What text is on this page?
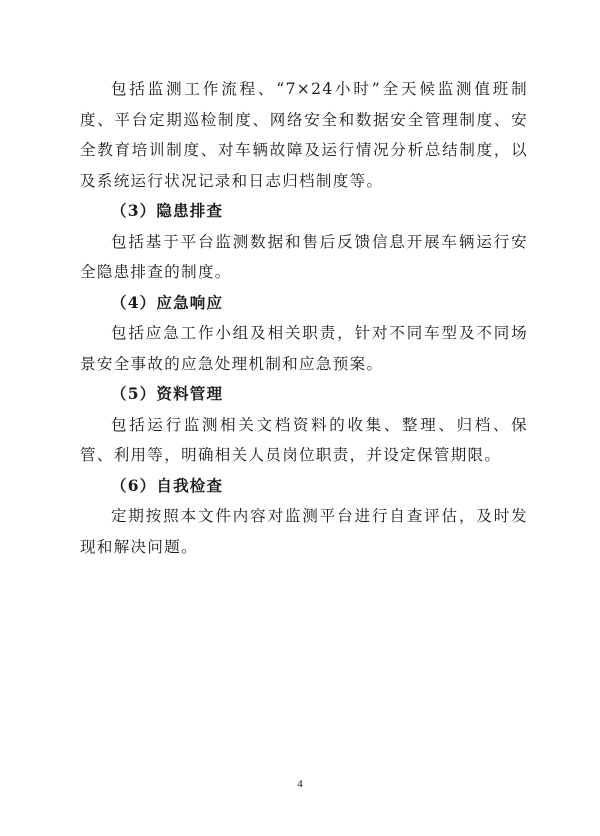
包括监测工作流程、“7×24小时”全天候监测值班制度、平台定期巡检制度、网络安全和数据安全管理制度、安全教育培训制度、对车辆故障及运行情况分析总结制度，以及系统运行状况记录和日志归档制度等。

（3）隐患排查

包括基于平台监测数据和售后反馈信息开展车辆运行安全隐患排查的制度。

（4）应急响应

包括应急工作小组及相关职责，针对不同车型及不同场景安全事故的应急处理机制和应急预案。

（5）资料管理

包括运行监测相关文档资料的收集、整理、归档、保管、利用等，明确相关人员岗位职责，并设定保管期限。

（6）自我检查

定期按照本文件内容对监测平台进行自查评估，及时发现和解决问题。

4
